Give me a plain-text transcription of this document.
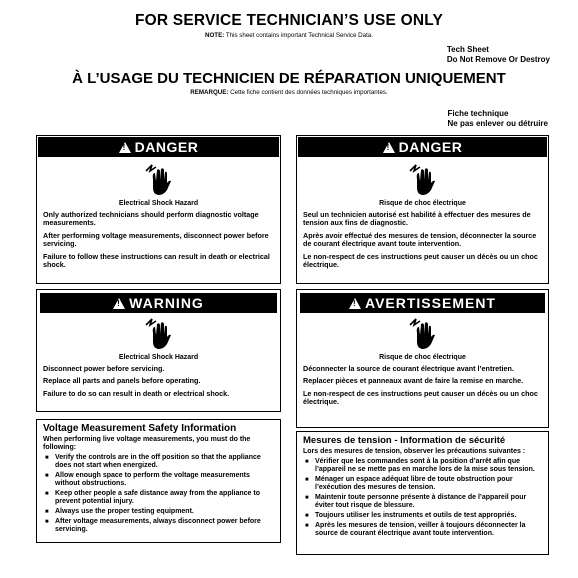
FOR SERVICE TECHNICIAN’S USE ONLY
NOTE: This sheet contains important Technical Service Data.
Tech Sheet
Do Not Remove Or Destroy
À L’USAGE DU TECHNICIEN DE RÉPARATION UNIQUEMENT
REMARQUE: Cette fiche contient des données techniques importantes.
Fiche technique
Ne pas enlever ou détruire
!DANGER
Electrical Shock Hazard

Only authorized technicians should perform diagnostic voltage measurements.

After performing voltage measurements, disconnect power before servicing.

Failure to follow these instructions can result in death or electrical shock.

!DANGER
Risque de choc électrique

Seul un technicien autorisé est habilité à effectuer des mesures de tension aux fins de diagnostic.

Après avoir effectué des mesures de tension, déconnecter la source de courant électrique avant toute intervention.

Le non-respect de ces instructions peut causer un décès ou un choc électrique.

!WARNING
Electrical Shock Hazard

Disconnect power before servicing.

Replace all parts and panels before operating.

Failure to do so can result in death or electrical shock.

!AVERTISSEMENT
Risque de choc électrique

Déconnecter la source de courant électrique avant l’entretien.

Replacer pièces et panneaux avant de faire la remise en marche.

Le non-respect de ces instructions peut causer un décès ou un choc électrique.

Voltage Measurement Safety Information
When performing live voltage measurements, you must do the following:
■ Verify the controls are in the off position so that the appliance does not start when energized.
■ Allow enough space to perform the voltage measurements without obstructions.
■ Keep other people a safe distance away from the appliance to prevent potential injury.
■ Always use the proper testing equipment.
■ After voltage measurements, always disconnect power before servicing.
Mesures de tension - Information de sécurité
Lors des mesures de tension, observer les précautions suivantes :
■ Vérifier que les commandes sont à la position d’arrêt afin que l’appareil ne se mette pas en marche lors de la mise sous tension.
■ Ménager un espace adéquat libre de toute obstruction pour l’exécution des mesures de tension.
■ Maintenir toute personne présente à distance de l’appareil pour éviter tout risque de blessure.
■ Toujours utiliser les instruments et outils de test appropriés.
■ Après les mesures de tension, veiller à toujours déconnecter la source de courant électrique avant toute intervention.
